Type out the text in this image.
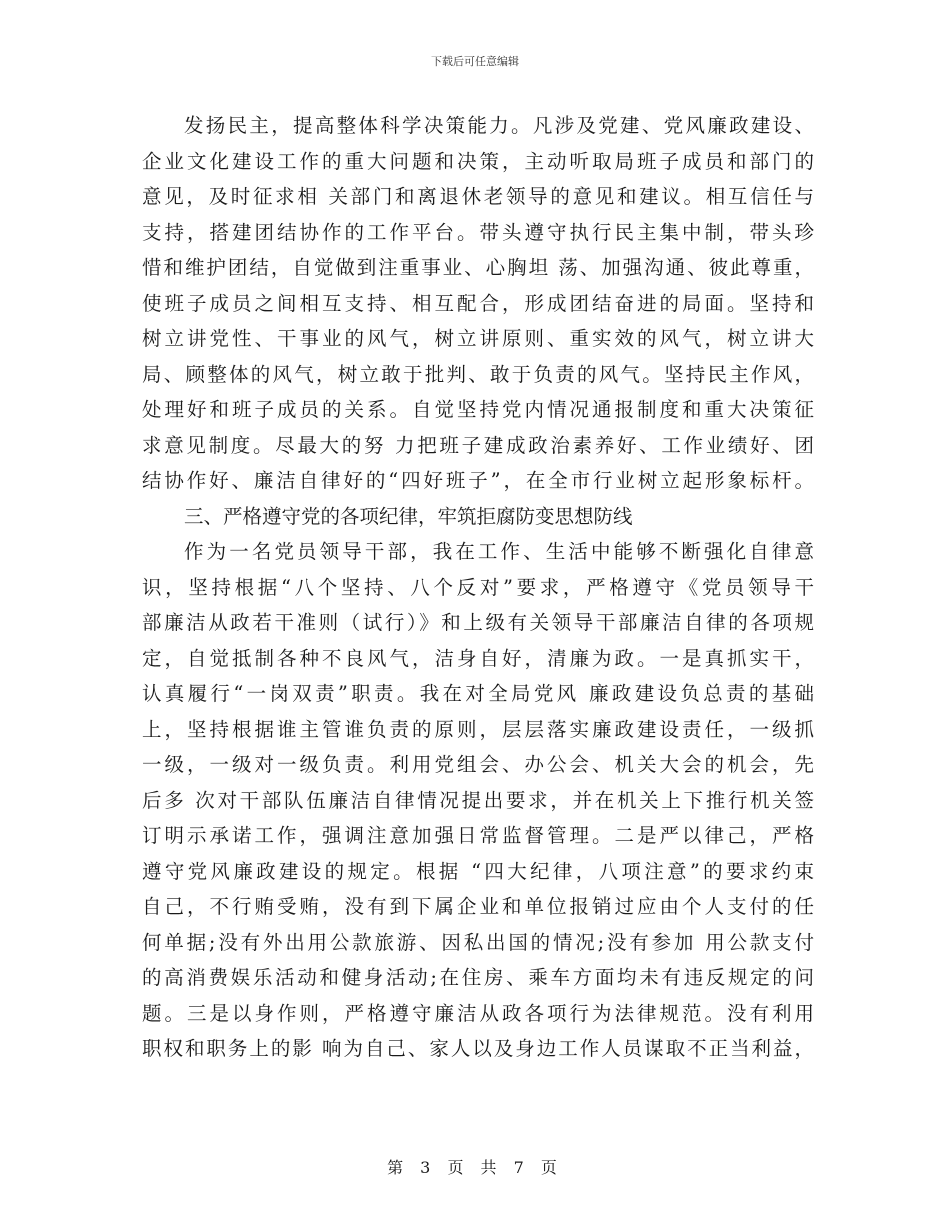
下载后可任意编辑
发扬民主，提高整体科学决策能力。凡涉及党建、党风廉政建设、
企业文化建设工作的重大问题和决策，主动听取局班子成员和部门的
意见，及时征求相 关部门和离退休老领导的意见和建议。相互信任与
支持，搭建团结协作的工作平台。带头遵守执行民主集中制，带头珍
惜和维护团结，自觉做到注重事业、心胸坦 荡、加强沟通、彼此尊重，
使班子成员之间相互支持、相互配合，形成团结奋进的局面。坚持和
树立讲党性、干事业的风气，树立讲原则、重实效的风气，树立讲大
局、顾整体的风气，树立敢于批判、敢于负责的风气。坚持民主作风，
处理好和班子成员的关系。自觉坚持党内情况通报制度和重大决策征
求意见制度。尽最大的努 力把班子建成政治素养好、工作业绩好、团
结协作好、廉洁自律好的“四好班子”，在全市行业树立起形象标杆。
三、严格遵守党的各项纪律，牢筑拒腐防变思想防线
作为一名党员领导干部，我在工作、生活中能够不断强化自律意
识，坚持根据“八个坚持、八个反对”要求，严格遵守《党员领导干
部廉洁从政若干准则（试行）》和上级有关领导干部廉洁自律的各项规
定，自觉抵制各种不良风气，洁身自好，清廉为政。一是真抓实干，
认真履行“一岗双责”职责。我在对全局党风 廉政建设负总责的基础
上，坚持根据谁主管谁负责的原则，层层落实廉政建设责任，一级抓
一级，一级对一级负责。利用党组会、办公会、机关大会的机会，先
后多 次对干部队伍廉洁自律情况提出要求，并在机关上下推行机关签
订明示承诺工作，强调注意加强日常监督管理。二是严以律己，严格
遵守党风廉政建设的规定。根据 “四大纪律，八项注意”的要求约束
自己，不行贿受贿，没有到下属企业和单位报销过应由个人支付的任
何单据;没有外出用公款旅游、因私出国的情况;没有参加 用公款支付
的高消费娱乐活动和健身活动;在住房、乘车方面均未有违反规定的问
题。三是以身作则，严格遵守廉洁从政各项行为法律规范。没有利用
职权和职务上的影 响为自己、家人以及身边工作人员谋取不正当利益，
第 3 页 共 7 页
